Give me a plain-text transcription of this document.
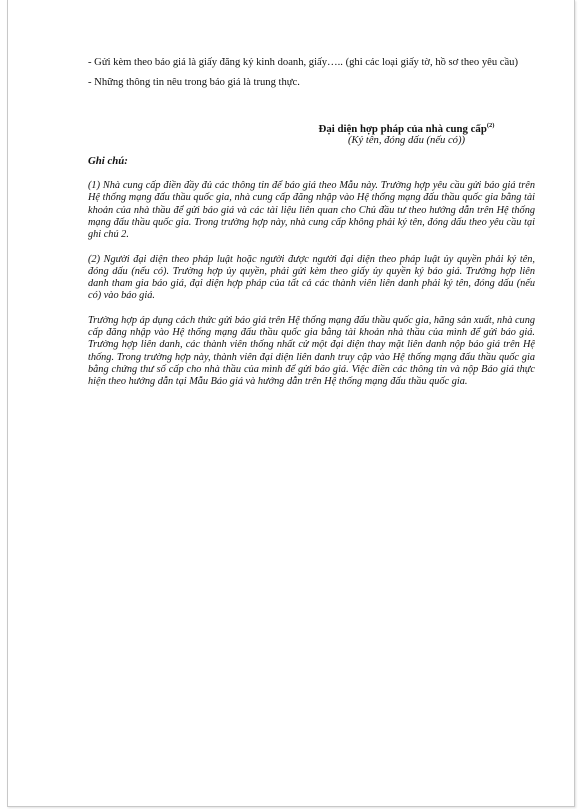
- Gửi kèm theo báo giá là giấy đăng ký kinh doanh, giấy….. (ghi các loại giấy tờ, hồ sơ theo yêu cầu)

- Những thông tin nêu trong báo giá là trung thực.

Đại diện hợp pháp của nhà cung cấp$^{(2)}$
(Ký tên, đóng dấu (nếu có))
Ghi chú:

(1) Nhà cung cấp điền đầy đủ các thông tin để báo giá theo Mẫu này. Trường hợp yêu cầu gửi báo giá trên Hệ thống mạng đấu thầu quốc gia, nhà cung cấp đăng nhập vào Hệ thống mạng đấu thầu quốc gia bằng tài khoản của nhà thầu để gửi báo giá và các tài liệu liên quan cho Chủ đầu tư theo hướng dẫn trên Hệ thống mạng đấu thầu quốc gia. Trong trường hợp này, nhà cung cấp không phải ký tên, đóng dấu theo yêu cầu tại ghi chú 2.

(2) Người đại diện theo pháp luật hoặc người được người đại diện theo pháp luật ủy quyền phải ký tên, đóng dấu (nếu có). Trường hợp ủy quyền, phải gửi kèm theo giấy ủy quyền ký báo giá. Trường hợp liên danh tham gia báo giá, đại diện hợp pháp của tất cả các thành viên liên danh phải ký tên, đóng dấu (nếu có) vào báo giá.

Trường hợp áp dụng cách thức gửi báo giá trên Hệ thống mạng đấu thầu quốc gia, hãng sản xuất, nhà cung cấp đăng nhập vào Hệ thống mạng đấu thầu quốc gia bằng tài khoản nhà thầu của mình để gửi báo giá. Trường hợp liên danh, các thành viên thống nhất cử một đại diện thay mặt liên danh nộp báo giá trên Hệ thống. Trong trường hợp này, thành viên đại diện liên danh truy cập vào Hệ thống mạng đấu thầu quốc gia bằng chứng thư số cấp cho nhà thầu của mình để gửi báo giá. Việc điền các thông tin và nộp Báo giá thực hiện theo hướng dẫn tại Mẫu Báo giá và hướng dẫn trên Hệ thống mạng đấu thầu quốc gia.
